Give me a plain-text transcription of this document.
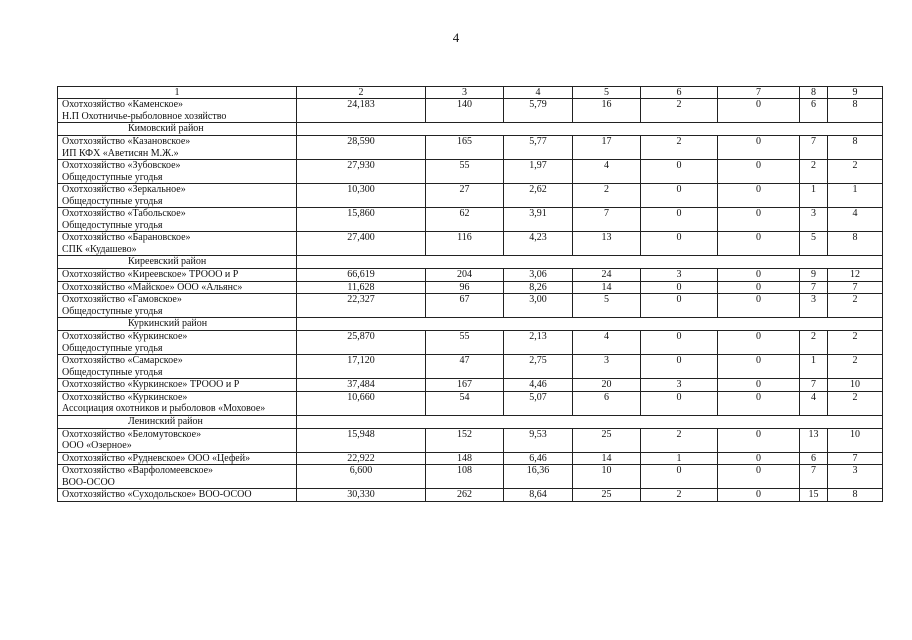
4
1	2	3	4	5	6	7	8	9

Охотхозяйство «Каменское»
Н.П Охотничье-рыболовное хозяйство	24,183	140	5,79	16	2	0	6	8
Кимовский район								

Охотхозяйство «Казановское»
ИП КФХ «Аветисян М.Ж.»	28,590	165	5,77	17	2	0	7	8

Охотхозяйство «Зубовское»
Общедоступные угодья	27,930	55	1,97	4	0	0	2	2

Охотхозяйство «Зеркальное»
Общедоступные угодья	10,300	27	2,62	2	0	0	1	1

Охотхозяйство «Табольское»
Общедоступные угодья	15,860	62	3,91	7	0	0	3	4

Охотхозяйство «Барановское»
СПК «Кудашево»	27,400	116	4,23	13	0	0	5	8
Киреевский район								

Охотхозяйство «Киреевское» ТРООО и Р	66,619	204	3,06	24	3	0	9	12

Охотхозяйство «Майское» ООО «Альянс»	11,628	96	8,26	14	0	0	7	7

Охотхозяйство «Гамовское»
Общедоступные угодья	22,327	67	3,00	5	0	0	3	2
Куркинский район								

Охотхозяйство «Куркинское»
Общедоступные угодья	25,870	55	2,13	4	0	0	2	2

Охотхозяйство «Самарское»
Общедоступные угодья	17,120	47	2,75	3	0	0	1	2

Охотхозяйство «Куркинское» ТРООО и Р	37,484	167	4,46	20	3	0	7	10

Охотхозяйство «Куркинское»
Ассоциация охотников и рыболовов «Моховое»	10,660	54	5,07	6	0	0	4	2
Ленинский район								

Охотхозяйство «Беломутовское»
ООО «Озерное»	15,948	152	9,53	25	2	0	13	10

Охотхозяйство «Рудневское» ООО «Цефей»	22,922	148	6,46	14	1	0	6	7

Охотхозяйство «Варфоломеевское»
ВОО-ОСОО	6,600	108	16,36	10	0	0	7	3

Охотхозяйство «Суходольское» ВОО-ОСОО	30,330	262	8,64	25	2	0	15	8
